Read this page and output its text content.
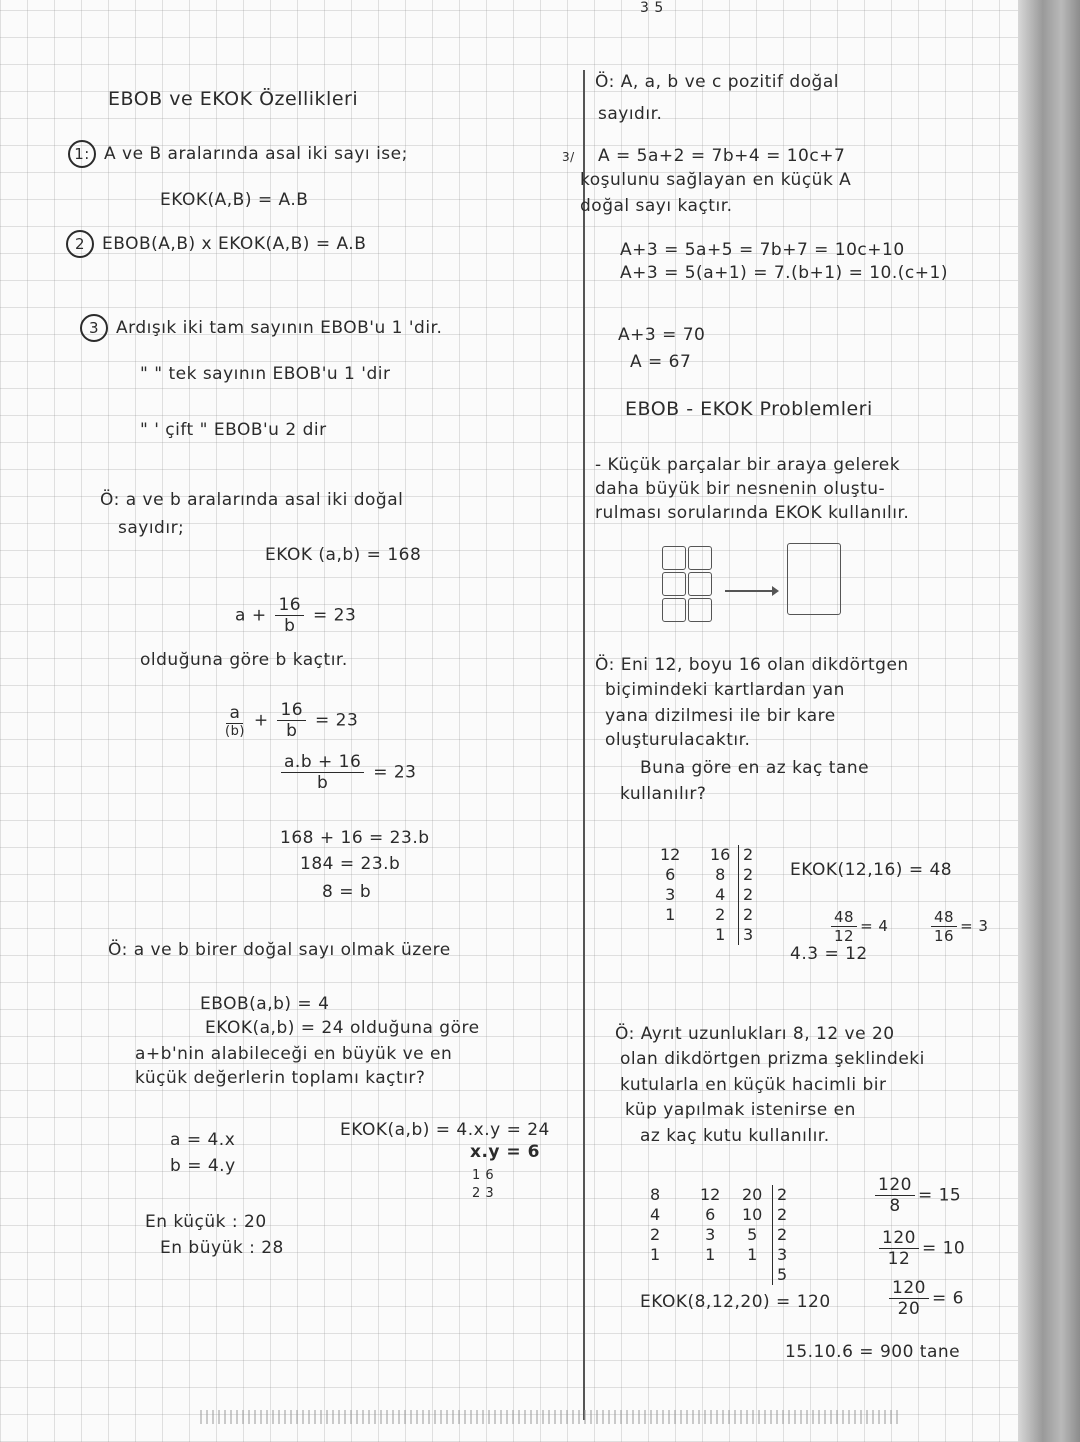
3 5
3/
EBOB ve EKOK Özellikleri
1: A ve B aralarında asal iki sayı ise;
EKOK(A,B) = A.B
2 EBOB(A,B) x EKOK(A,B) = A.B
3 Ardışık iki tam sayının EBOB'u 1 'dir.
" " tek sayının EBOB'u 1 'dir
" ' çift " EBOB'u 2 dir
Ö: a ve b aralarında asal iki doğal
sayıdır;
EKOK (a,b) = 168
$a + \frac{16}{b} = 23$
olduğuna göre b kaçtır.
$\frac{a}{(b)} + \frac{16}{b} = 23$
$\frac{a.b + 16}{b} = 23$
168 + 16 = 23.b
184 = 23.b
8 = b
Ö: a ve b birer doğal sayı olmak üzere
EBOB(a,b) = 4
EKOK(a,b) = 24 olduğuna göre
a+b'nin alabileceği en büyük ve en
küçük değerlerin toplamı kaçtır?
a = 4.x
b = 4.y
EKOK(a,b) = 4.x.y = 24
x.y = 6
1 6
2 3
En küçük : 20
En büyük : 28
Ö: A, a, b ve c pozitif doğal
sayıdır.
A = 5a+2 = 7b+4 = 10c+7
koşulunu sağlayan en küçük A
doğal sayı kaçtır.
A+3 = 5a+5 = 7b+7 = 10c+10
A+3 = 5(a+1) = 7.(b+1) = 10.(c+1)
A+3 = 70
A = 67
EBOB - EKOK Problemleri
- Küçük parçalar bir araya gelerek
daha büyük bir nesnenin oluştu-
rulması sorularında EKOK kullanılır.
Ö: Eni 12, boyu 16 olan dikdörtgen
biçimindeki kartlardan yan
yana dizilmesi ile bir kare
oluşturulacaktır.
Buna göre en az kaç tane
kullanılır?
12
6
3
1
16
8
4
2
1
2
2
2
2
3
EKOK(12,16) = 48
$\frac{48}{12} = 4$	$\frac{48}{16} = 3$
4.3 = 12
Ö: Ayrıt uzunlukları 8, 12 ve 20
olan dikdörtgen prizma şeklindeki
kutularla en küçük hacimli bir
küp yapılmak istenirse en
az kaç kutu kullanılır.
8
4
2
1
12
6
3
1
20
10
5
1
2
2
2
3
5
$\frac{120}{8} = 15$
$\frac{120}{12} = 10$
$\frac{120}{20} = 6$
EKOK(8,12,20) = 120
15.10.6 = 900 tane
